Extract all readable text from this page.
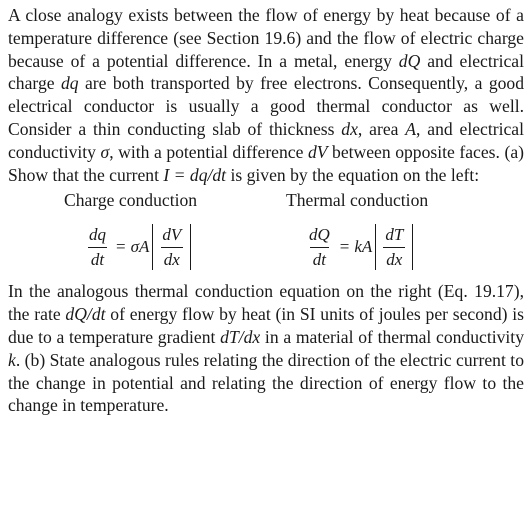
A close analogy exists between the flow of energy by heat because of a temperature difference (see Section 19.6) and the flow of electric charge because of a potential difference. In a metal, energy dQ and electrical charge dq are both transported by free electrons. Consequently, a good electrical conductor is usually a good thermal conductor as well. Consider a thin conducting slab of thickness dx, area A, and electrical conductivity σ, with a potential difference dV between opposite faces. (a) Show that the current I = dq/dt is given by the equation on the left:

Charge conduction	Thermal conduction
$\frac{dq}{dt} = \sigma A \frac{dV}{dx}$	$\frac{dQ}{dt}$ = kA $\frac{dT}{dx}$

In the analogous thermal conduction equation on the right (Eq. 19.17), the rate dQ/dt of energy flow by heat (in SI units of joules per second) is due to a temperature gradient dT/dx in a material of thermal conductivity k. (b) State analogous rules relating the direction of the electric current to the change in potential and relating the direction of energy flow to the change in temperature.
